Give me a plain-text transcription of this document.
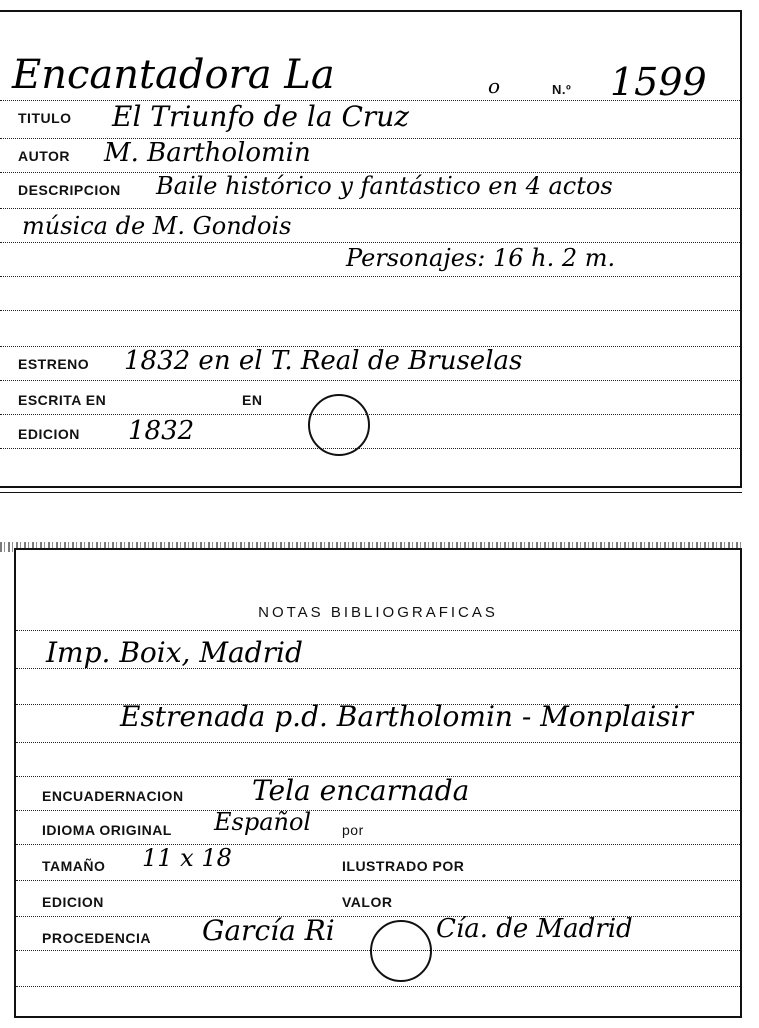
Encantadora La	o	N.º 1599
TITULO El Triunfo de la Cruz
AUTOR M. Bartholomin
DESCRIPCION Baile histórico y fantástico en 4 actos
música de M. Gondois
Personajes: 16 h. 2 m.
ESTRENO 1832 en el T. Real de Bruselas
ESCRITA EN	EN
EDICION 1832
NOTAS BIBLIOGRAFICAS
Imp. Boix, Madrid
Estrenada p.d. Bartholomin - Monplaisir
ENCUADERNACION Tela encarnada
IDIOMA ORIGINAL Español por
TAMAÑO 11 x 18	ILUSTRADO POR
EDICION	VALOR
PROCEDENCIA García Ri	Cía. de Madrid
